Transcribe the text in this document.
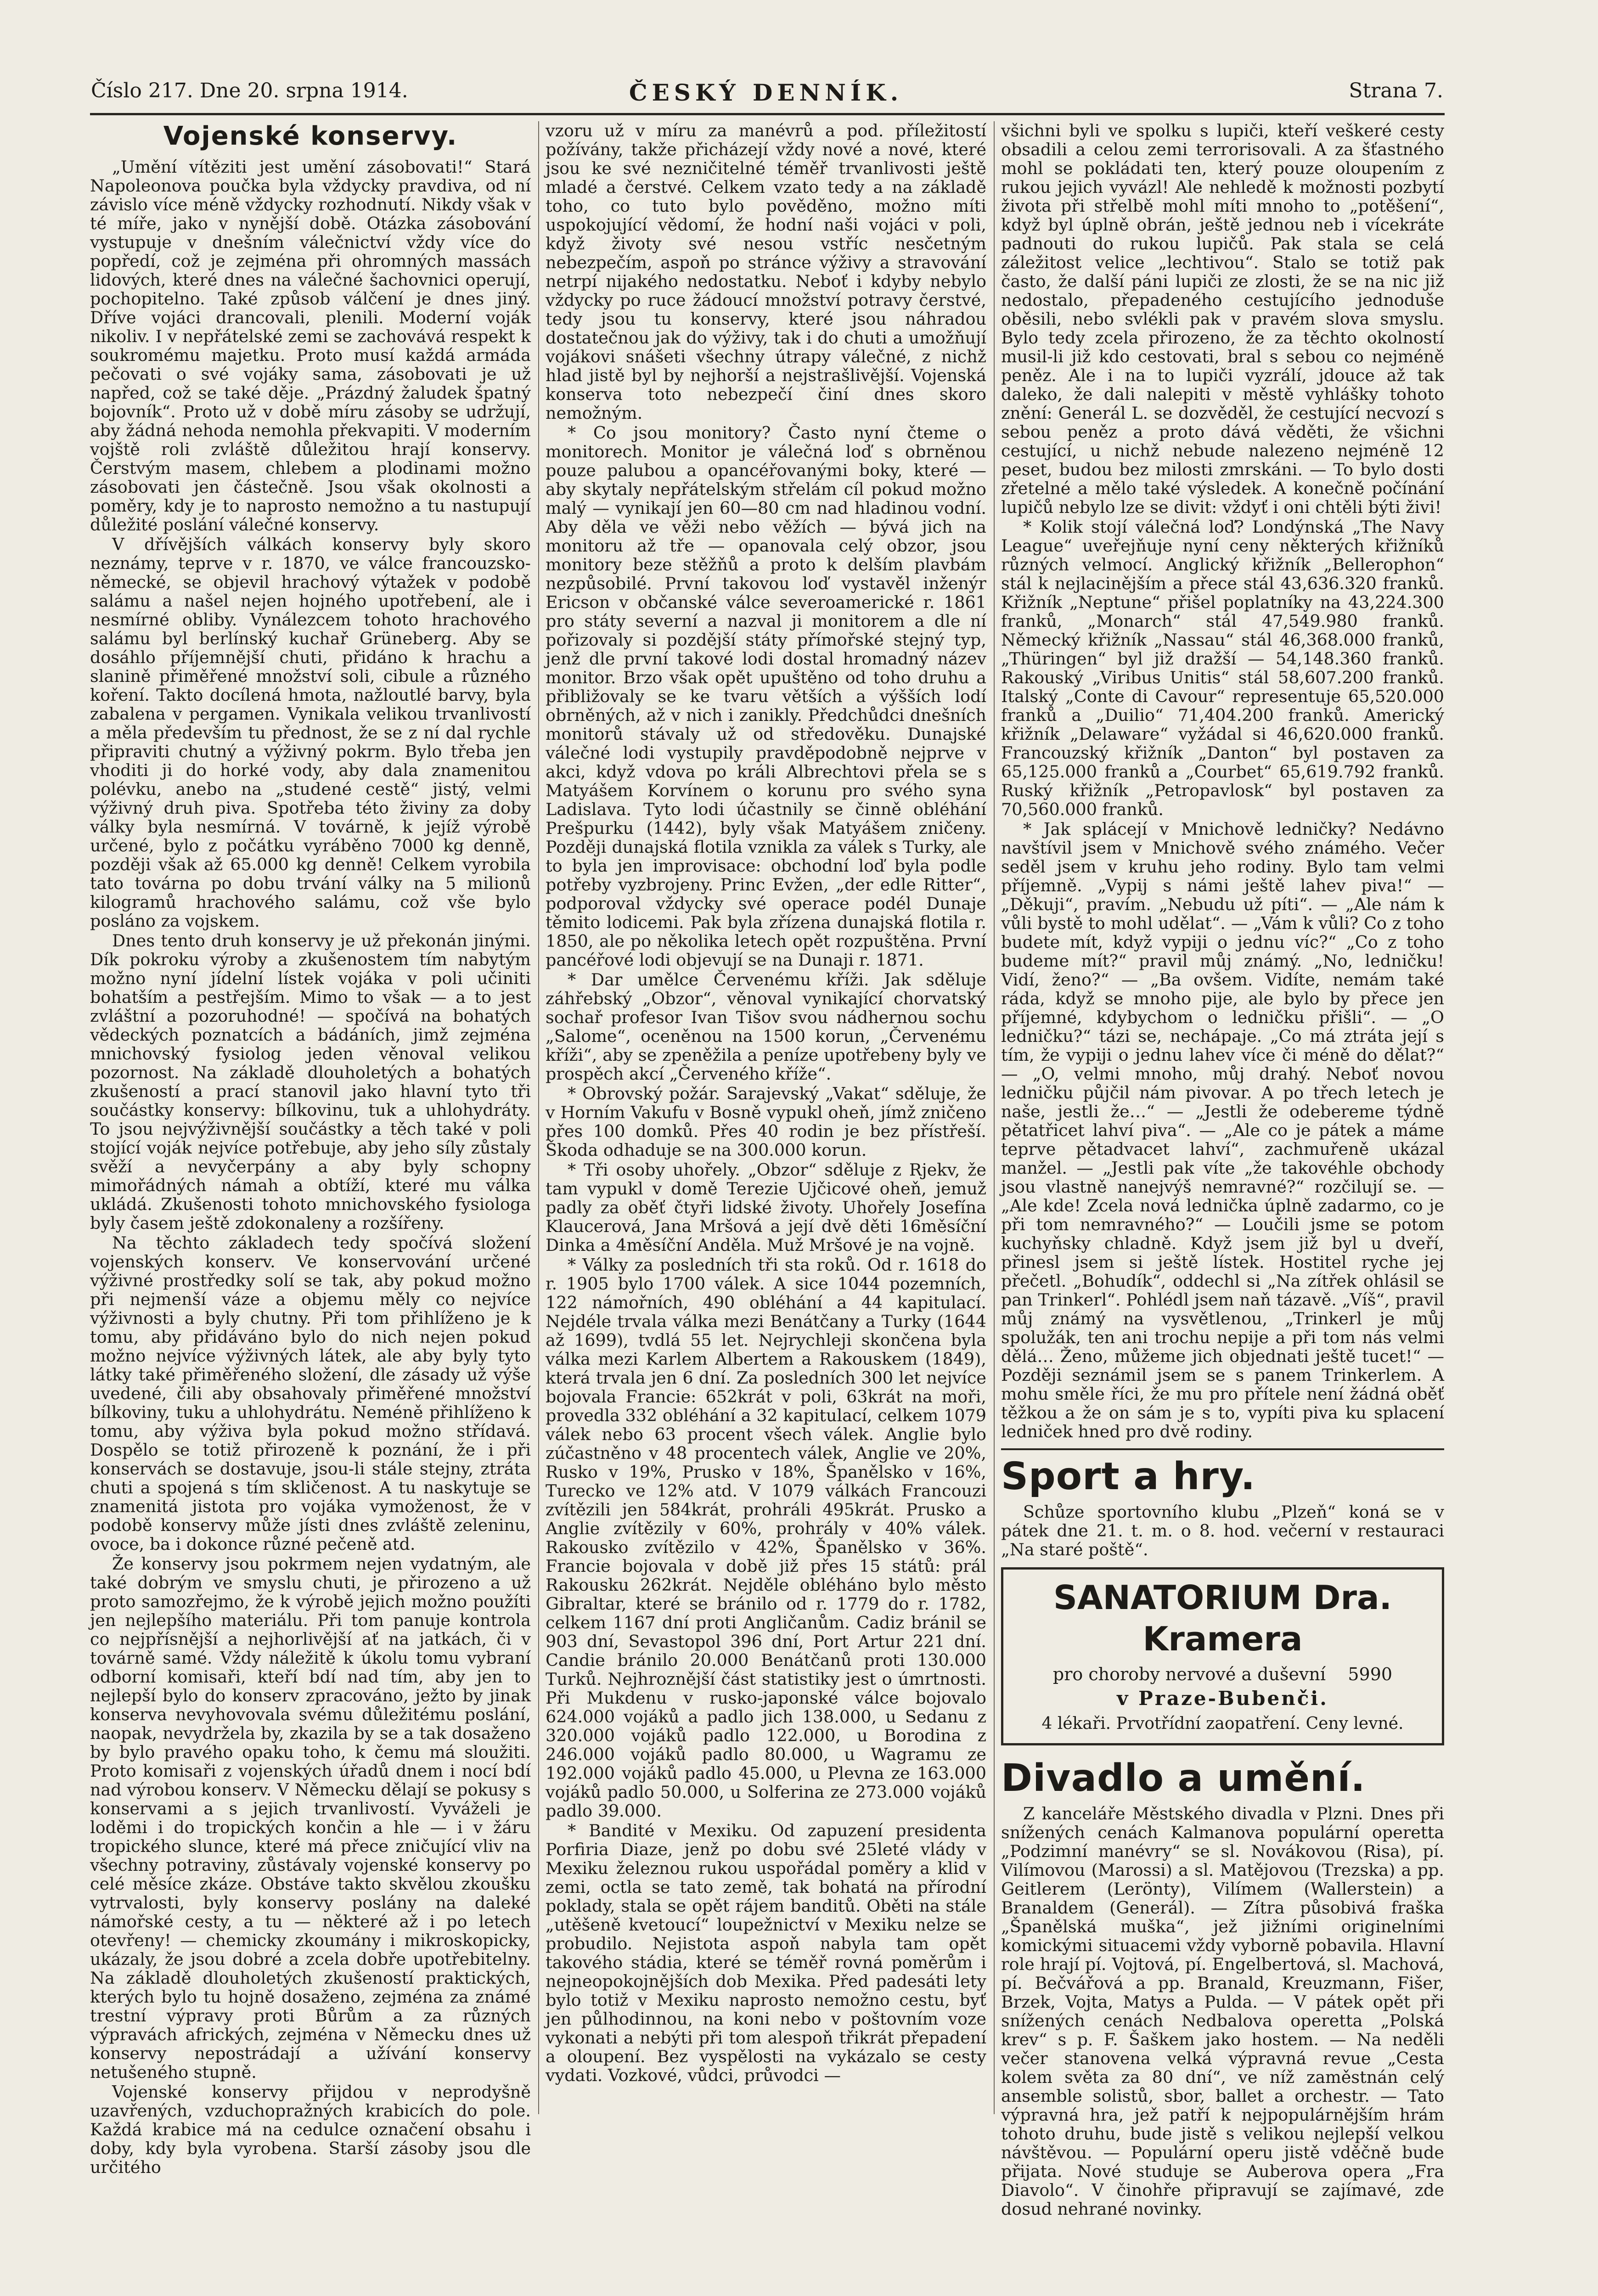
Číslo 217. Dne 20. srpna 1914.	ČESKÝ DENNÍK.	Strana 7.
Vojenské konservy.

„Umění vítěziti jest umění zásobovati!“ Stará Napoleonova poučka byla vždycky pravdiva, od ní závislo více méně vždycky rozhodnutí. Nikdy však v té míře, jako v nynější době. Otázka zásobování vystupuje v dnešním válečnictví vždy více do popředí, což je zejména při ohromných massách lidových, které dnes na válečné šachovnici operují, pochopitelno. Také způsob válčení je dnes jiný. Dříve vojáci drancovali, plenili. Moderní voják nikoliv. I v nepřátelské zemi se zachovává respekt k soukromému majetku. Proto musí každá armáda pečovati o své vojáky sama, zásobovati je už napřed, což se také děje. „Prázdný žaludek špatný bojovník“. Proto už v době míru zásoby se udržují, aby žádná nehoda nemohla překvapiti. V moderním vojště roli zvláště důležitou hrají konservy. Čerstvým masem, chlebem a plodinami možno zásobovati jen částečně. Jsou však okolnosti a poměry, kdy je to naprosto nemožno a tu nastupují důležité poslání válečné konservy.

V dřívějších válkách konservy byly skoro neznámy, teprve v r. 1870, ve válce francouzsko-německé, se objevil hrachový výtažek v podobě salámu a našel nejen hojného upotřebení, ale i nesmírné obliby. Vynálezcem tohoto hrachového salámu byl berlínský kuchař Grüneberg. Aby se dosáhlo příjemnější chuti, přidáno k hrachu a slanině přiměřené množství soli, cibule a různého koření. Takto docílená hmota, nažloutlé barvy, byla zabalena v pergamen. Vynikala velikou trvanlivostí a měla především tu přednost, že se z ní dal rychle připraviti chutný a výživný pokrm. Bylo třeba jen vhoditi ji do horké vody, aby dala znamenitou polévku, anebo na „studené cestě“ jistý, velmi výživný druh piva. Spotřeba této živiny za doby války byla nesmírná. V továrně, k jejíž výrobě určené, bylo z počátku vyráběno 7000 kg denně, později však až 65.000 kg denně! Celkem vyrobila tato továrna po dobu trvání války na 5 milionů kilogramů hrachového salámu, což vše bylo posláno za vojskem.

Dnes tento druh konservy je už překonán jinými. Dík pokroku výroby a zkušenostem tím nabytým možno nyní jídelní lístek vojáka v poli učiniti bohatším a pestřejším. Mimo to však — a to jest zvláštní a pozoruhodné! — spočívá na bohatých vědeckých poznatcích a bádáních, jimž zejména mnichovský fysiolog jeden věnoval velikou pozornost. Na základě dlouholetých a bohatých zkušeností a prací stanovil jako hlavní tyto tři součástky konservy: bílkovinu, tuk a uhlohydráty. To jsou nejvýživnější součástky a těch také v poli stojící voják nejvíce potřebuje, aby jeho síly zůstaly svěží a nevyčerpány a aby byly schopny mimořádných námah a obtíží, které mu válka ukládá. Zkušenosti tohoto mnichovského fysiologa byly časem ještě zdokonaleny a rozšířeny.

Na těchto základech tedy spočívá složení vojenských konserv. Ve konservování určené výživné prostředky solí se tak, aby pokud možno při nejmenší váze a objemu měly co nejvíce výživnosti a byly chutny. Při tom přihlíženo je k tomu, aby přidáváno bylo do nich nejen pokud možno nejvíce výživných látek, ale aby byly tyto látky také přiměřeného složení, dle zásady už výše uvedené, čili aby obsahovaly přiměřené množství bílkoviny, tuku a uhlohydrátu. Neméně přihlíženo k tomu, aby výživa byla pokud možno střídavá. Dospělo se totiž přirozeně k poznání, že i při konservách se dostavuje, jsou-li stále stejny, ztráta chuti a spojená s tím skličenost. A tu naskytuje se znamenitá jistota pro vojáka vymoženost, že v podobě konservy může jísti dnes zvláště zeleninu, ovoce, ba i dokonce různé pečeně atd.

Že konservy jsou pokrmem nejen vydatným, ale také dobrým ve smyslu chuti, je přirozeno a už proto samozřejmo, že k výrobě jejich možno použíti jen nejlepšího materiálu. Při tom panuje kontrola co nejpřísnější a nejhorlivější ať na jatkách, či v továrně samé. Vždy náležitě k úkolu tomu vybraní odborní komisaři, kteří bdí nad tím, aby jen to nejlepší bylo do konserv zpracováno, ježto by jinak konserva nevyhovovala svému důležitému poslání, naopak, nevydržela by, zkazila by se a tak dosaženo by bylo pravého opaku toho, k čemu má sloužiti. Proto komisaři z vojenských úřadů dnem i nocí bdí nad výrobou konserv. V Německu dělají se pokusy s konservami a s jejich trvanlivostí. Vyváželi je loděmi i do tropických končin a hle — i v žáru tropického slunce, které má přece zničující vliv na všechny potraviny, zůstávaly vojenské konservy po celé měsíce zkáze. Obstáve takto skvělou zkoušku vytrvalosti, byly konservy poslány na daleké námořské cesty, a tu — některé až i po letech otevřeny! — chemicky zkoumány i mikroskopicky, ukázaly, že jsou dobré a zcela dobře upotřebitelny. Na základě dlouholetých zkušeností praktických, kterých bylo tu hojně dosaženo, zejména za známé trestní výpravy proti Bůrům a za různých výpravách afrických, zejména v Německu dnes už konservy nepostrádají a užívání konservy netušeného stupně.

Vojenské konservy přijdou v neprodyšně uzavřených, vzduchopražných krabicích do pole. Každá krabice má na cedulce označení obsahu i doby, kdy byla vyrobena. Starší zásoby jsou dle určitého

vzoru už v míru za manévrů a pod. příležitostí požívány, takže přicházejí vždy nové a nové, které jsou ke své nezničitelné téměř trvanlivosti ještě mladé a čerstvé. Celkem vzato tedy a na základě toho, co tuto bylo pověděno, možno míti uspokojující vědomí, že hodní naši vojáci v poli, když životy své nesou vstříc nesčetným nebezpečím, aspoň po stránce výživy a stravování netrpí nijakého nedostatku. Neboť i kdyby nebylo vždycky po ruce žádoucí množství potravy čerstvé, tedy jsou tu konservy, které jsou náhradou dostatečnou jak do výživy, tak i do chuti a umožňují vojákovi snášeti všechny útrapy válečné, z nichž hlad jistě byl by nejhorší a nejstrašlivější. Vojenská konserva toto nebezpečí činí dnes skoro nemožným.

* Co jsou monitory? Často nyní čteme o monitorech. Monitor je válečná loď s obrněnou pouze palubou a opancéřovanými boky, které — aby skytaly nepřátelským střelám cíl pokud možno malý — vynikají jen 60—80 cm nad hladinou vodní. Aby děla ve věži nebo věžích — bývá jich na monitoru až tře — opanovala celý obzor, jsou monitory beze stěžňů a proto k delším plavbám nezpůsobilé. První takovou loď vystavěl inženýr Ericson v občanské válce severoamerické r. 1861 pro státy severní a nazval ji monitorem a dle ní pořizovaly si pozdější státy přímořské stejný typ, jenž dle první takové lodi dostal hromadný název monitor. Brzo však opět upuštěno od toho druhu a přibližovaly se ke tvaru větších a výšších lodí obrněných, až v nich i zanikly. Předchůdci dnešních monitorů stávaly už od středověku. Dunajské válečné lodi vystupily pravděpodobně nejprve v akci, když vdova po králi Albrechtovi přela se s Matyášem Korvínem o korunu pro svého syna Ladislava. Tyto lodi účastnily se činně obléhání Prešpurku (1442), byly však Matyášem zničeny. Později dunajská flotila vznikla za válek s Turky, ale to byla jen improvisace: obchodní loď byla podle potřeby vyzbrojeny. Princ Evžen, „der edle Ritter“, podporoval vždycky své operace podél Dunaje těmito lodicemi. Pak byla zřízena dunajská flotila r. 1850, ale po několika letech opět rozpuštěna. První pancéřové lodi objevují se na Dunaji r. 1871.

* Dar umělce Červenému kříži. Jak sděluje záhřebský „Obzor“, věnoval vynikající chorvatský sochař profesor Ivan Tišov svou nádhernou sochu „Salome“, oceněnou na 1500 korun, „Červenému kříži“, aby se zpeněžila a peníze upotřebeny byly ve prospěch akcí „Červeného kříže“.

* Obrovský požár. Sarajevský „Vakat“ sděluje, že v Horním Vakufu v Bosně vypukl oheň, jímž zničeno přes 100 domků. Přes 40 rodin je bez přístřeší. Škoda odhaduje se na 300.000 korun.

* Tři osoby uhořely. „Obzor“ sděluje z Rjekv, že tam vypukl v domě Terezie Ujčicové oheň, jemuž padly za oběť čtyři lidské životy. Uhořely Josefína Klaucerová, Jana Mršová a její dvě děti 16měsíční Dinka a 4měsíční Anděla. Muž Mršové je na vojně.

* Války za posledních tři sta roků. Od r. 1618 do r. 1905 bylo 1700 válek. A sice 1044 pozemních, 122 námořních, 490 obléhání a 44 kapitulací. Nejdéle trvala válka mezi Benátčany a Turky (1644 až 1699), tvdlá 55 let. Nejrychleji skončena byla válka mezi Karlem Albertem a Rakouskem (1849), která trvala jen 6 dní. Za posledních 300 let nejvíce bojovala Francie: 652krát v poli, 63krát na moři, provedla 332 obléhání a 32 kapitulací, celkem 1079 válek nebo 63 procent všech válek. Anglie bylo zúčastněno v 48 procentech válek, Anglie ve 20%, Rusko v 19%, Prusko v 18%, Španělsko v 16%, Turecko ve 12% atd. V 1079 válkách Francouzi zvítězili jen 584krát, prohráli 495krát. Prusko a Anglie zvítězily v 60%, prohrály v 40% válek. Rakousko zvítězilo v 42%, Španělsko v 36%. Francie bojovala v době již přes 15 států: prál Rakousku 262krát. Nejděle obléháno bylo město Gibraltar, které se bránilo od r. 1779 do r. 1782, celkem 1167 dní proti Angličanům. Cadiz bránil se 903 dní, Sevastopol 396 dní, Port Artur 221 dní. Candie bránilo 20.000 Benátčanů proti 130.000 Turků. Nejhroznější část statistiky jest o úmrtnosti. Při Mukdenu v rusko-japonské válce bojovalo 624.000 vojáků a padlo jich 138.000, u Sedanu z 320.000 vojáků padlo 122.000, u Borodina z 246.000 vojáků padlo 80.000, u Wagramu ze 192.000 vojáků padlo 45.000, u Plevna ze 163.000 vojáků padlo 50.000, u Solferina ze 273.000 vojáků padlo 39.000.

* Bandité v Mexiku. Od zapuzení presidenta Porfiria Diaze, jenž po dobu své 25leté vlády v Mexiku železnou rukou uspořádal poměry a klid v zemi, octla se tato země, tak bohatá na přírodní poklady, stala se opět rájem banditů. Oběti na stále „utěšeně kvetoucí“ loupežnictví v Mexiku nelze se probudilo. Nejistota aspoň nabyla tam opět takového stádia, které se téměř rovná poměrům i nejneopokojnějších dob Mexika. Před padesáti lety bylo totiž v Mexiku naprosto nemožno cestu, byť jen půlhodinnou, na koni nebo v poštovním voze vykonati a nebýti při tom alespoň třikrát přepadení a oloupení. Bez vyspělosti na vykázalo se cesty vydati. Vozkové, vůdci, průvodci —

všichni byli ve spolku s lupiči, kteří veškeré cesty obsadili a celou zemi terrorisovali. A za šťastného mohl se pokládati ten, který pouze oloupením z rukou jejich vyvázl! Ale nehledě k možnosti pozbytí života při střelbě mohl míti mnoho to „potěšení“, když byl úplně obrán, ještě jednou neb i vícekráte padnouti do rukou lupičů. Pak stala se celá záležitost velice „lechtivou“. Stalo se totiž pak často, že další páni lupiči ze zlosti, že se na nic již nedostalo, přepadeného cestujícího jednoduše oběsili, nebo svlékli pak v pravém slova smyslu. Bylo tedy zcela přirozeno, že za těchto okolností musil-li již kdo cestovati, bral s sebou co nejméně peněz. Ale i na to lupiči vyzrálí, jdouce až tak daleko, že dali nalepiti v městě vyhlášky tohoto znění: Generál L. se dozvěděl, že cestující necvozí s sebou peněz a proto dává věděti, že všichni cestující, u nichž nebude nalezeno nejméně 12 peset, budou bez milosti zmrskáni. — To bylo dosti zřetelné a mělo také výsledek. A konečně počínání lupičů nebylo lze se divit: vždyť i oni chtěli býti živi!

* Kolik stojí válečná loď? Londýnská „The Navy League“ uveřejňuje nyní ceny některých křižníků různých velmocí. Anglický křižník „Bellerophon“ stál k nejlacinějším a přece stál 43,636.320 franků. Křižník „Neptune“ přišel poplatníky na 43,224.300 franků, „Monarch“ stál 47,549.980 franků. Německý křižník „Nassau“ stál 46,368.000 franků, „Thüringen“ byl již dražší — 54,148.360 franků. Rakouský „Viribus Unitis“ stál 58,607.200 franků. Italský „Conte di Cavour“ representuje 65,520.000 franků a „Duilio“ 71,404.200 franků. Americký křižník „Delaware“ vyžádal si 46,620.000 franků. Francouzský křižník „Danton“ byl postaven za 65,125.000 franků a „Courbet“ 65,619.792 franků. Ruský křižník „Petropavlosk“ byl postaven za 70,560.000 franků.

* Jak splácejí v Mnichově ledničky? Nedávno navštívil jsem v Mnichově svého známého. Večer seděl jsem v kruhu jeho rodiny. Bylo tam velmi příjemně. „Vypij s námi ještě lahev piva!“ — „Děkuji“, pravím. „Nebudu už píti“. — „Ale nám k vůli bystě to mohl udělat“. — „Vám k vůli? Co z toho budete mít, když vypiji o jednu víc?“ „Co z toho budeme mít?“ pravil můj známý. „No, ledničku! Vidí, ženo?“ — „Ba ovšem. Vidíte, nemám také ráda, když se mnoho pije, ale bylo by přece jen příjemné, kdybychom o ledničku přišli“. — „O ledničku?“ tázi se, nechápaje. „Co má ztráta její s tím, že vypiji o jednu lahev více či méně do dělat?“ — „O, velmi mnoho, můj drahý. Neboť novou ledničku půjčil nám pivovar. A po třech letech je naše, jestli že…“ — „Jestli že odebereme týdně pětatřicet lahví piva“. — „Ale co je pátek a máme teprve pětadvacet lahví“, zachmuřeně ukázal manžel. — „Jestli pak víte „že takovéhle obchody jsou vlastně nanejvýš nemravné?“ rozčilují se. — „Ale kde! Zcela nová lednička úplně zadarmo, co je při tom nemravného?“ — Loučili jsme se potom kuchyňsky chladně. Když jsem již byl u dveří, přinesl jsem si ještě lístek. Hostitel ryche jej přečetl. „Bohudík“, oddechl si „Na zítřek ohlásil se pan Trinkerl“. Pohlédl jsem naň tázavě. „Víš“, pravil můj známý na vysvětlenou, „Trinkerl je můj spolužák, ten ani trochu nepije a při tom nás velmi dělá… Ženo, můžeme jich objednati ještě tucet!“ — Později seznámil jsem se s panem Trinkerlem. A mohu směle říci, že mu pro přítele není žádná oběť těžkou a že on sám je s to, vypíti piva ku splacení ledniček hned pro dvě rodiny.

Sport a hry.

Schůze sportovního klubu „Plzeň“ koná se v pátek dne 21. t. m. o 8. hod. večerní v restauraci „Na staré poště“.

SANATORIUM Dra. Kramera
pro choroby nervové a duševní 5990
v Praze-Bubenči.
4 lékaři. Prvotřídní zaopatření. Ceny levné.
Divadlo a umění.

Z kanceláře Městského divadla v Plzni. Dnes při snížených cenách Kalmanova populární operetta „Podzimní manévry“ se sl. Novákovou (Risa), pí. Vilímovou (Marossi) a sl. Matějovou (Trezska) a pp. Geitlerem (Lerönty), Vilímem (Wallerstein) a Branaldem (Generál). — Zítra působivá fraška „Španělská muška“, jež jižními originelními komickými situacemi vždy vyborně pobavila. Hlavní role hrají pí. Vojtová, pí. Engelbertová, sl. Machová, pí. Bečvářová a pp. Branald, Kreuzmann, Fišer, Brzek, Vojta, Matys a Pulda. — V pátek opět při snížených cenách Nedbalova operetta „Polská krev“ s p. F. Šaškem jako hostem. — Na neděli večer stanovena velká výpravná revue „Cesta kolem světa za 80 dní“, ve níž zaměstnán celý ansemble solistů, sbor, ballet a orchestr. — Tato výpravná hra, jež patří k nejpopulárnějším hrám tohoto druhu, bude jistě s velikou nejlepší velkou návštěvou. — Populární operu jistě vděčně bude přijata. Nové studuje se Auberova opera „Fra Diavolo“. V činohře připravují se zajímavé, zde dosud nehrané novinky.
